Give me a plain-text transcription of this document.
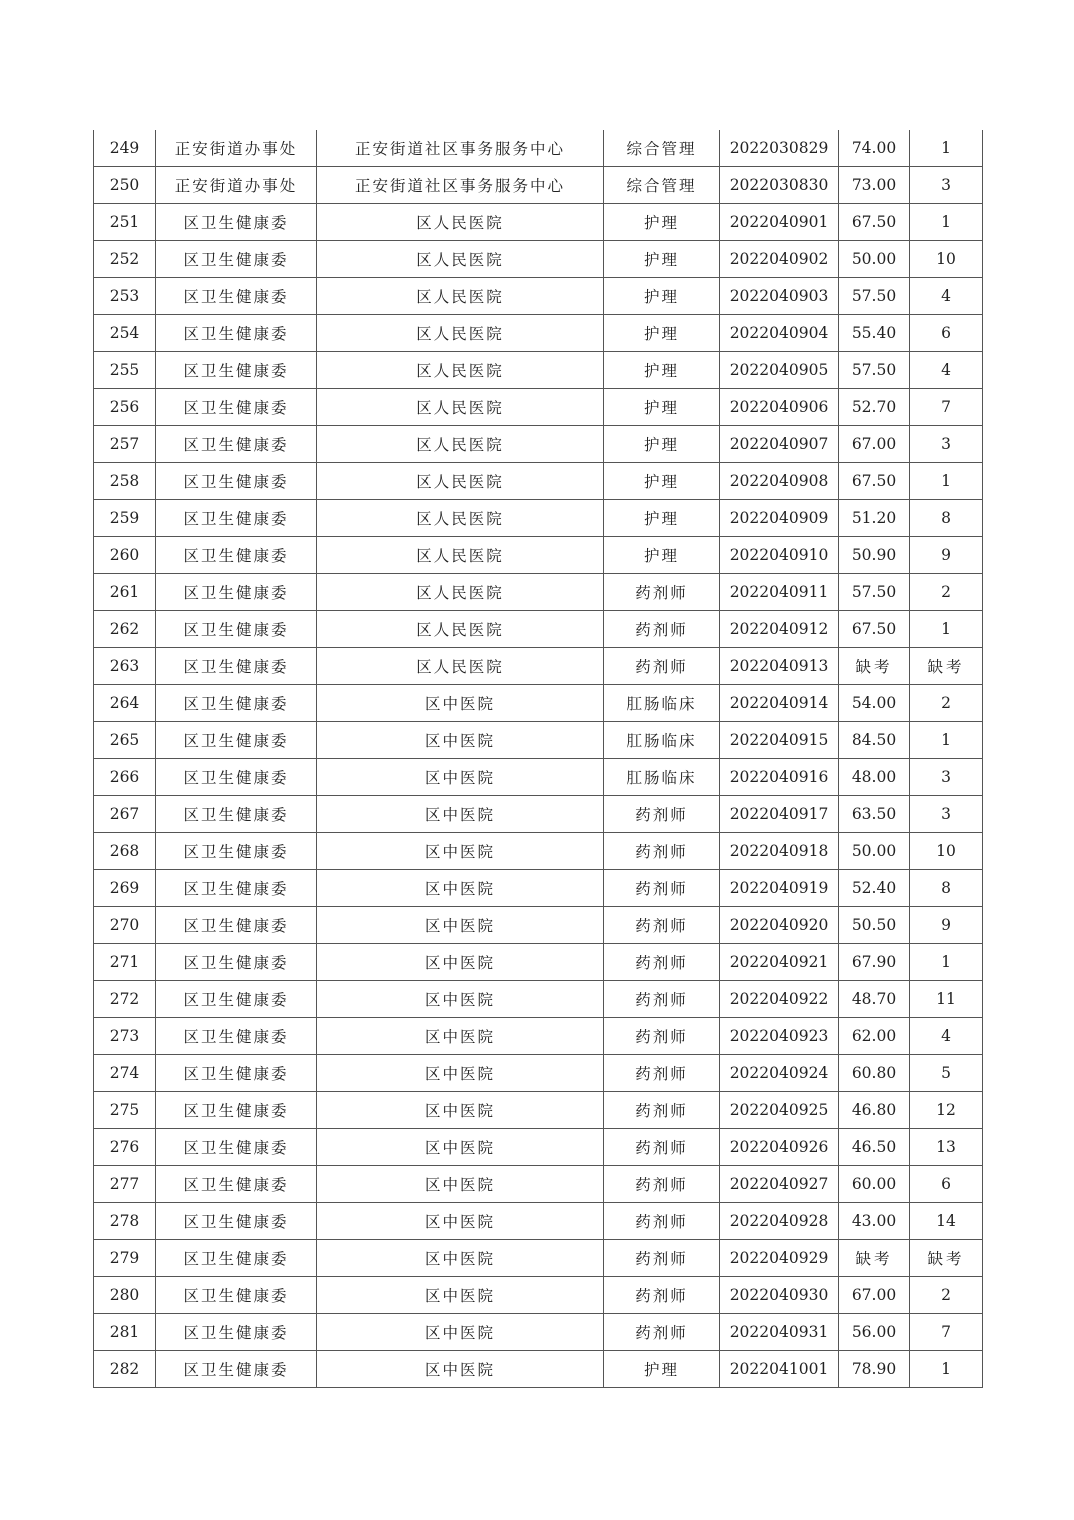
249	正安街道办事处	正安街道社区事务服务中心	综合管理	2022030829	74.00	1
250	正安街道办事处	正安街道社区事务服务中心	综合管理	2022030830	73.00	3
251	区卫生健康委	区人民医院	护理	2022040901	67.50	1
252	区卫生健康委	区人民医院	护理	2022040902	50.00	10
253	区卫生健康委	区人民医院	护理	2022040903	57.50	4
254	区卫生健康委	区人民医院	护理	2022040904	55.40	6
255	区卫生健康委	区人民医院	护理	2022040905	57.50	4
256	区卫生健康委	区人民医院	护理	2022040906	52.70	7
257	区卫生健康委	区人民医院	护理	2022040907	67.00	3
258	区卫生健康委	区人民医院	护理	2022040908	67.50	1
259	区卫生健康委	区人民医院	护理	2022040909	51.20	8
260	区卫生健康委	区人民医院	护理	2022040910	50.90	9
261	区卫生健康委	区人民医院	药剂师	2022040911	57.50	2
262	区卫生健康委	区人民医院	药剂师	2022040912	67.50	1
263	区卫生健康委	区人民医院	药剂师	2022040913	缺考	缺考
264	区卫生健康委	区中医院	肛肠临床	2022040914	54.00	2
265	区卫生健康委	区中医院	肛肠临床	2022040915	84.50	1
266	区卫生健康委	区中医院	肛肠临床	2022040916	48.00	3
267	区卫生健康委	区中医院	药剂师	2022040917	63.50	3
268	区卫生健康委	区中医院	药剂师	2022040918	50.00	10
269	区卫生健康委	区中医院	药剂师	2022040919	52.40	8
270	区卫生健康委	区中医院	药剂师	2022040920	50.50	9
271	区卫生健康委	区中医院	药剂师	2022040921	67.90	1
272	区卫生健康委	区中医院	药剂师	2022040922	48.70	11
273	区卫生健康委	区中医院	药剂师	2022040923	62.00	4
274	区卫生健康委	区中医院	药剂师	2022040924	60.80	5
275	区卫生健康委	区中医院	药剂师	2022040925	46.80	12
276	区卫生健康委	区中医院	药剂师	2022040926	46.50	13
277	区卫生健康委	区中医院	药剂师	2022040927	60.00	6
278	区卫生健康委	区中医院	药剂师	2022040928	43.00	14
279	区卫生健康委	区中医院	药剂师	2022040929	缺考	缺考
280	区卫生健康委	区中医院	药剂师	2022040930	67.00	2
281	区卫生健康委	区中医院	药剂师	2022040931	56.00	7
282	区卫生健康委	区中医院	护理	2022041001	78.90	1
